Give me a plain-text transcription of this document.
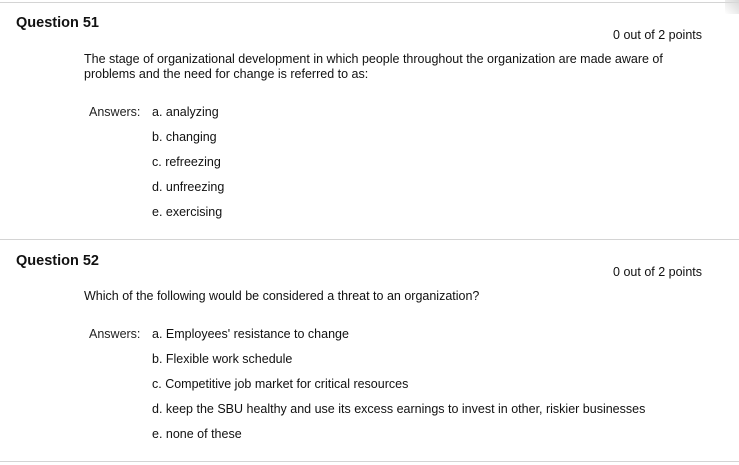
Question 51
0 out of 2 points
The stage of organizational development in which people throughout the organization are made aware of problems and the need for change is referred to as:
Answers: a. analyzing
b. changing
c. refreezing
d. unfreezing
e. exercising
Question 52
0 out of 2 points
Which of the following would be considered a threat to an organization?
Answers: a. Employees' resistance to change
b. Flexible work schedule
c. Competitive job market for critical resources
d. keep the SBU healthy and use its excess earnings to invest in other, riskier businesses
e. none of these
